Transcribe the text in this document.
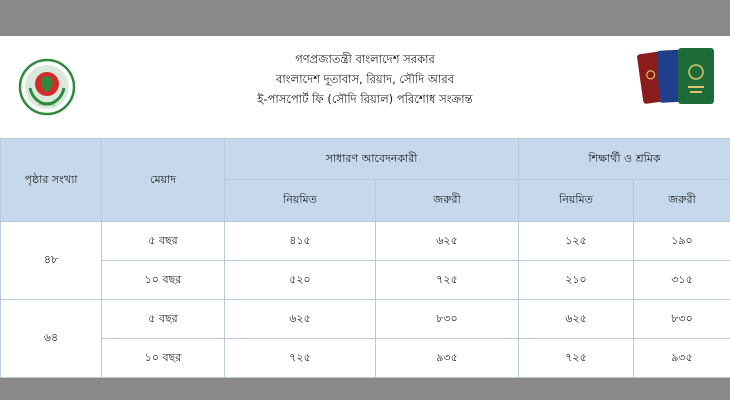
সরকার
গণপ্রজাতন্ত্রী বাংলাদেশ সরকার
বাংলাদেশ দূতাবাস, রিয়াদ, সৌদি আরব
ই-পাসপোর্ট ফি (সৌদি রিয়াল) পরিশোধ সংক্রান্ত
পৃষ্ঠার সংখ্যা	মেয়াদ	সাধারণ আবেদনকারী		শিক্ষার্থী ও শ্রমিক	
		নিয়মিত	জরুরী	নিয়মিত	জরুরী
৪৮	৫ বছর	৪১৫	৬২৫	১২৫	১৯০
	১০ বছর	৫২০	৭২৫	২১০	৩১৫
৬৪	৫ বছর	৬২৫	৮৩০	৬২৫	৮৩০
	১০ বছর	৭২৫	৯৩৫	৭২৫	৯৩৫
